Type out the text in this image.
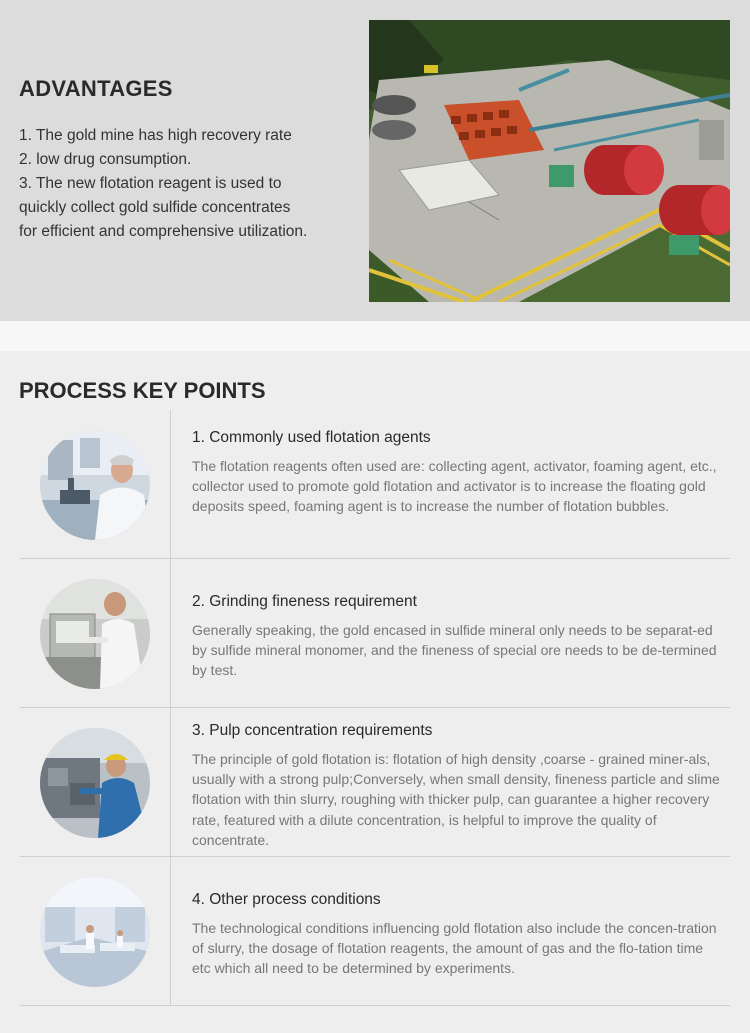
ADVANTAGES
1. The gold mine has high recovery rate
2. low drug consumption.
3. The new flotation reagent is used to
quickly collect gold sulfide concentrates
for efficient and comprehensive utilization.
PROCESS KEY POINTS
1. Commonly used flotation agents
The flotation reagents often used are: collecting agent, activator, foaming agent, etc., collector used to promote gold flotation and activator is to increase the floating gold deposits speed, foaming agent is to increase the number of flotation bubbles.
2. Grinding fineness requirement
Generally speaking, the gold encased in sulfide mineral only needs to be separat-ed by sulfide mineral monomer, and the fineness of special ore needs to be de-termined by test.
3. Pulp concentration requirements
The principle of gold flotation is: flotation of high density ,coarse - grained miner-als, usually with a strong pulp;Conversely, when small density, fineness particle and slime flotation with thin slurry, roughing with thicker pulp, can guarantee a higher recovery rate, featured with a dilute concentration, is helpful to improve the quality of concentrate.
4. Other process conditions
The technological conditions influencing gold flotation also include the concen-tration of slurry, the dosage of flotation reagents, the amount of gas and the flo-tation time etc which all need to be determined by experiments.
